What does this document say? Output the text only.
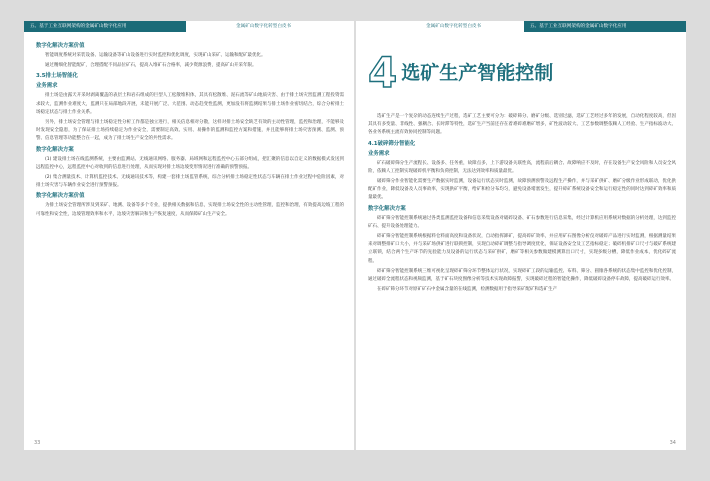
五、基于工业互联网架构的金属矿山数字化应用	金属矿山数字化转型白皮书
数字化解决方案价值
智能调度系统对采装设备、运输设备等矿山设备进行实时监控和优化调度，实现矿山采矿、运输和配矿最优化。
通过精细化智能配矿，合理搭配不同品位矿石，提高入堆矿石合格率，减少资源浪费，提高矿山开采年限。
3.5排土场智能化
业务需求
排土场是由露天开采时剥离覆盖的表层土和岩石组成的巨型人工松散堆积体，其具有松散堆、泥石流等矿山地质灾害、由于排土场灾害监测工程投资需求较大，监测作业难度大，监测只在局部地段开展，未能开展广泛、大范围、动态趋变性监测，更加没有将监测结果与排土场作业密切结合，综合分析排土场稳定状态与排土作业关系。
另外，排土场安全管理与排土场稳定性分析工作都是独立进行，相关信息相对分散，这样对排土场安全缺乏有效的主动性管理，监控和治理，不能够及时发现安全隐患，为了保证排土场持续稳定为作业安全，需要制定高效、实用、易操作的监测和监控方案和措施，并且能够将排土场灾害预测、监测、预警、信息管理等功能整合在一起，成为了排土场生产安全的共性需求。
数字化解决方案
(1) 建设排土场在线监测系统，主要由监测站、无线通讯网络、服务器、局域网和远程监控中心五部分组成，把汇聚的信息以自定义的数据模式发送到远程监控中心，远程监控中心对收到的信息进行处理，从而实现对排土场边坡变形情况进行准确的预警预报。
(2) 集合测量技术、计算机监控技术、无线通讯技术等，构建一套排土场监管系统，综合分析排土场稳定性状态与车辆在排土作业过程中危险因素，对排土场灾害与车辆作业安全进行预警预报。
数字化解决方案价值
为排土场安全管理所涉及到采矿、地测、设备等多个专业，提供相关数据和信息，实现排土场安全性的主动性管理，监控和治理，有效提高边坡工程的可靠性和安全性，边坡管理效率和水平，边坡灾害解决和生产恢复速度，从而保障矿山生产安全。
33
金属矿山数字化转型白皮书	五、基于工业互联网架构的金属矿山数字化应用
4 选矿生产智能控制
选矿生产是一个复杂的动态连续生产过程，选矿工艺主要可分为：破碎筛分、磨矿分级、选别过滤，选矿工艺经过多年的发展，自动化程度较高，但因其具有多变量、非线性、强耦合、长时滞等特性，选矿生产当前还存在着难碎难磨矿增多，矿性波动较大、工艺参数调整依赖人工经验、生产指标波动大、各业务系统主流有效协同控制等问题。
4.1破碎筛分智能化
业务需求
矿石破碎筛分生产流程长、设备多、任务重，故障点多，上下游设备关联性高，流程前后耦合、故障响应不及时，存在设备生产安全风险和人员安全风险，依赖人工控制实现破碎机平衡和负荷控制，无法达到效率和质量最优。
破碎筛分作业智能化需要生产数据实时监测，设备运行状态实时监测，故障预测预警及远程生产操作，并与采矿供矿、磨矿分级作业形成联动，优化供配矿作业，降低设备及人员事故率，实现供矿平衡，给矿和检分布均匀，避免设备堵塞发生，提升碎矿系统设备安全和运行稳定性的同时达到碎矿效率和质量最优。
数字化解决方案
碎矿筛分智能控制系统通过各类监测监控设备和信息采集设备对破碎设备、矿石参数进行信息采集，经过计算机应用系统对数据的分析处理，达到监控矿石、提升设备处理能力。
碎矿筛分智能控制系统根据料仓料面高度和设备状况，自动指挥卸矿，提高碎矿效率，并应用矿石图像分析仪对破碎产品进行实时监测，根据测量结果来对调整排矿口大小，并与采矿场供矿进行联锁控制，实现自动碎矿调整与指导调度优化，保证设备安全及工艺指标稳定；破碎机排矿口尺寸与破矿系统建立联锁，结合两个生产环节的先验能力及设备的运行状态与采矿供矿，磨矿等相关参数做建模测算出口尺寸，实现多级分槽，降低作业成本，优化碎矿流程。
碎矿筛分智能控制系统三维可视化呈现碎矿筛分环节整体运行状况，实现碎矿工段的运输监控、布料、筛分、圆锥各系统的状态集中监控和优化控制，通过破碎全流程状态和视频监测，基于矿石块度图像分析等技术实现故障报警，实现破碎过程的智能化操作，降低破碎设备停车故障，提高破碎运行效率。
在碎矿筛分环节对原矿矿石中金属含量的在线监测，检测数据用于指导采矿配矿和选矿生产
34
